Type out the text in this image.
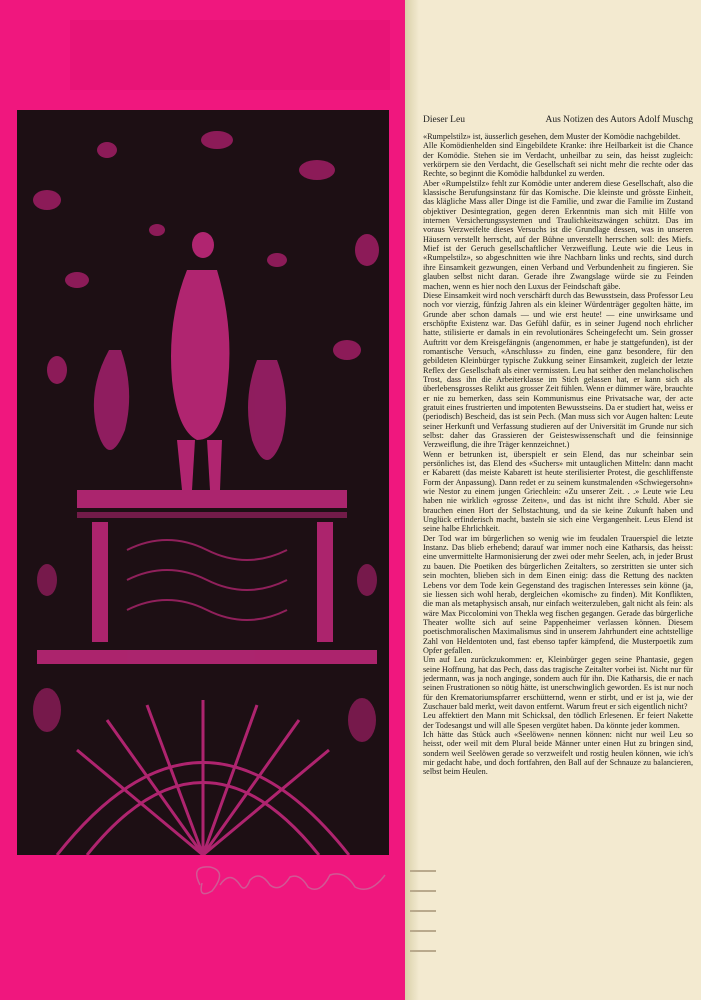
Dieser Leu	Aus Notizen des Autors Adolf Muschg

«Rumpelstilz» ist, äusserlich gesehen, dem Muster der Komödie nachgebildet.

Alle Komödienhelden sind Eingebildete Kranke: ihre Heilbarkeit ist die Chance der Komödie. Stehen sie im Verdacht, unheilbar zu sein, das heisst zugleich: verkörpern sie den Verdacht, die Gesellschaft sei nicht mehr die rechte oder das Rechte, so beginnt die Komödie halbdunkel zu werden.

Aber «Rumpelstilz» fehlt zur Komödie unter anderem diese Gesellschaft, also die klassische Berufungsinstanz für das Komische. Die kleinste und grösste Einheit, das klägliche Mass aller Dinge ist die Familie, und zwar die Familie im Zustand objektiver Desintegration, gegen deren Erkenntnis man sich mit Hilfe von internen Versicherungssystemen und Traulichkeitszwängen schützt. Das im voraus Verzweifelte dieses Versuchs ist die Grundlage dessen, was in unseren Häusern verstellt herrscht, auf der Bühne unverstellt herrschen soll: des Miefs. Mief ist der Geruch gesellschaftlicher Verzweiflung. Leute wie die Leus in «Rumpelstilz», so abgeschnitten wie ihre Nachbarn links und rechts, sind durch ihre Einsamkeit gezwungen, einen Verband und Verbundenheit zu fingieren. Sie glauben selbst nicht daran. Gerade ihre Zwangslage würde sie zu Feinden machen, wenn es hier noch den Luxus der Feindschaft gäbe.

Diese Einsamkeit wird noch verschärft durch das Bewusstsein, dass Professor Leu noch vor vierzig, fünfzig Jahren als ein kleiner Würdenträger gegolten hätte, im Grunde aber schon damals — und wie erst heute! — eine unwirksame und erschöpfte Existenz war. Das Gefühl dafür, es in seiner Jugend noch ehrlicher hatte, stilisierte er damals in ein revolutionäres Scheingefecht um. Sein grosser Auftritt vor dem Kreisgefängnis (angenommen, er habe je stattgefunden), ist der romantische Versuch, «Anschluss» zu finden, eine ganz besondere, für den gebildeten Kleinbürger typische Zukkung seiner Einsamkeit, zugleich der letzte Reflex der Gesellschaft als einer vermissten. Leu hat seither den melancholischen Trost, dass ihn die Arbeiterklasse im Stich gelassen hat, er kann sich als überlebensgrosses Relikt aus grosser Zeit fühlen. Wenn er dümmer wäre, brauchte er nie zu bemerken, dass sein Kommunismus eine Privatsache war, der acte gratuit eines frustrierten und impotenten Bewusstseins. Da er studiert hat, weiss er (periodisch) Bescheid, das ist sein Pech. (Man muss sich vor Augen halten: Leute seiner Herkunft und Verfassung studieren auf der Universität im Grunde nur sich selbst: daher das Grassieren der Geisteswissenschaft und die feinsinnige Verzweiflung, die ihre Träger kennzeichnet.)

Wenn er betrunken ist, überspielt er sein Elend, das nur scheinbar sein persönliches ist, das Elend des «Suchers» mit untauglichen Mitteln: dann macht er Kabarett (das meiste Kabarett ist heute sterilisierter Protest, die geschliffenste Form der Anpassung). Dann redet er zu seinem kunstmalenden «Schwiegersohn» wie Nestor zu einem jungen Griechlein: «Zu unserer Zeit. . .» Leute wie Leu haben nie wirklich «grosse Zeiten», und das ist nicht ihre Schuld. Aber sie brauchen einen Hort der Selbstachtung, und da sie keine Zukunft haben und Unglück erfinderisch macht, basteln sie sich eine Vergangenheit. Leus Elend ist seine halbe Ehrlichkeit.

Der Tod war im bürgerlichen so wenig wie im feudalen Trauerspiel die letzte Instanz. Das blieb erhebend; darauf war immer noch eine Katharsis, das heisst: eine unvermittelte Harmonisierung der zwei oder mehr Seelen, ach, in jeder Brust zu bauen. Die Poetiken des bürgerlichen Zeitalters, so zerstritten sie unter sich sein mochten, blieben sich in dem Einen einig: dass die Rettung des nackten Lebens vor dem Tode kein Gegenstand des tragischen Interesses sein könne (ja, sie liessen sich wohl herab, dergleichen «komisch» zu finden). Mit Konflikten, die man als metaphysisch ansah, nur einfach weiterzuleben, galt nicht als fein: als wäre Max Piccolomini von Thekla weg fischen gegangen. Gerade das bürgerliche Theater wollte sich auf seine Pappenheimer verlassen können. Diesem poetischmoralischen Maximalismus sind in unserem Jahrhundert eine achtstellige Zahl von Heldentoten und, fast ebenso tapfer kämpfend, die Musterpoetik zum Opfer gefallen.

Um auf Leu zurückzukommen: er, Kleinbürger gegen seine Phantasie, gegen seine Hoffnung, hat das Pech, dass das tragische Zeitalter vorbei ist. Nicht nur für jedermann, was ja noch anginge, sondern auch für ihn. Die Katharsis, die er nach seinen Frustrationen so nötig hätte, ist unerschwinglich geworden. Es ist nur noch für den Krematoriumspfarrer erschütternd, wenn er stirbt, und er ist ja, wie der Zuschauer bald merkt, weit davon entfernt. Warum freut er sich eigentlich nicht?

Leu affektiert den Mann mit Schicksal, den tödlich Erlesenen. Er feiert Nakette der Todesangst und will alle Spesen vergütet haben. Da könnte jeder kommen.

Ich hätte das Stück auch «Seelöwen» nennen können: nicht nur weil Leu so heisst, oder weil mit dem Plural beide Männer unter einen Hut zu bringen sind, sondern weil Seelöwen gerade so verzweifelt und rostig heulen können, wie ich's mir gedacht habe, und doch fortfahren, den Ball auf der Schnauze zu balancieren, selbst beim Heulen.
